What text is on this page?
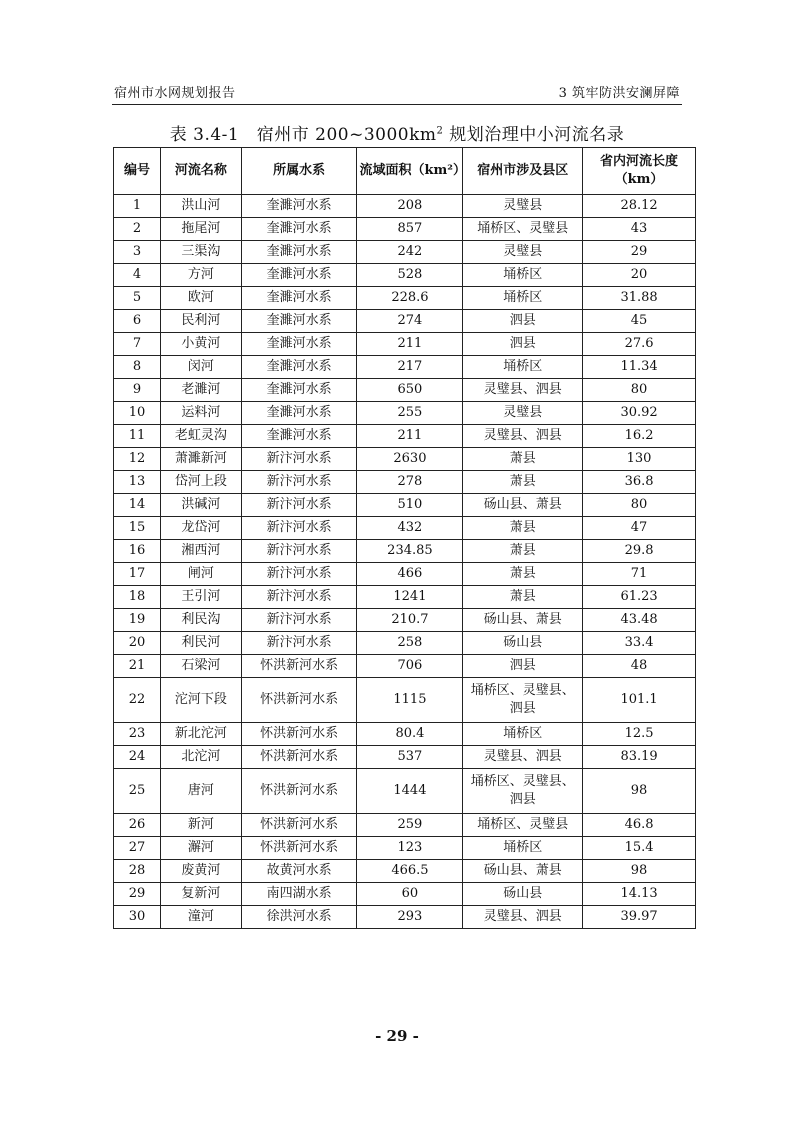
宿州市水网规划报告	3 筑牢防洪安澜屏障
表 3.4-1　宿州市 $200\sim 3000km^2$ 规划治理中小河流名录
编号	河流名称	所属水系	流域面积（km²）	宿州市涉及县区	省内河流长度（km）
1	洪山河	奎濉河水系	208	灵璧县	28.12
2	拖尾河	奎濉河水系	857	埇桥区、灵璧县	43
3	三渠沟	奎濉河水系	242	灵璧县	29
4	方河	奎濉河水系	528	埇桥区	20
5	欧河	奎濉河水系	228.6	埇桥区	31.88
6	民利河	奎濉河水系	274	泗县	45
7	小黄河	奎濉河水系	211	泗县	27.6
8	闵河	奎濉河水系	217	埇桥区	11.34
9	老濉河	奎濉河水系	650	灵璧县、泗县	80
10	运料河	奎濉河水系	255	灵璧县	30.92
11	老虹灵沟	奎濉河水系	211	灵璧县、泗县	16.2
12	萧濉新河	新汴河水系	2630	萧县	130
13	岱河上段	新汴河水系	278	萧县	36.8
14	洪碱河	新汴河水系	510	砀山县、萧县	80
15	龙岱河	新汴河水系	432	萧县	47
16	湘西河	新汴河水系	234.85	萧县	29.8
17	闸河	新汴河水系	466	萧县	71
18	王引河	新汴河水系	1241	萧县	61.23
19	利民沟	新汴河水系	210.7	砀山县、萧县	43.48
20	利民河	新汴河水系	258	砀山县	33.4
21	石梁河	怀洪新河水系	706	泗县	48
22	沱河下段	怀洪新河水系	1115	埇桥区、灵璧县、泗县	101.1
23	新北沱河	怀洪新河水系	80.4	埇桥区	12.5
24	北沱河	怀洪新河水系	537	灵璧县、泗县	83.19
25	唐河	怀洪新河水系	1444	埇桥区、灵璧县、泗县	98
26	新河	怀洪新河水系	259	埇桥区、灵璧县	46.8
27	澥河	怀洪新河水系	123	埇桥区	15.4
28	废黄河	故黄河水系	466.5	砀山县、萧县	98
29	复新河	南四湖水系	60	砀山县	14.13
30	潼河	徐洪河水系	293	灵璧县、泗县	39.97
- 29 -
